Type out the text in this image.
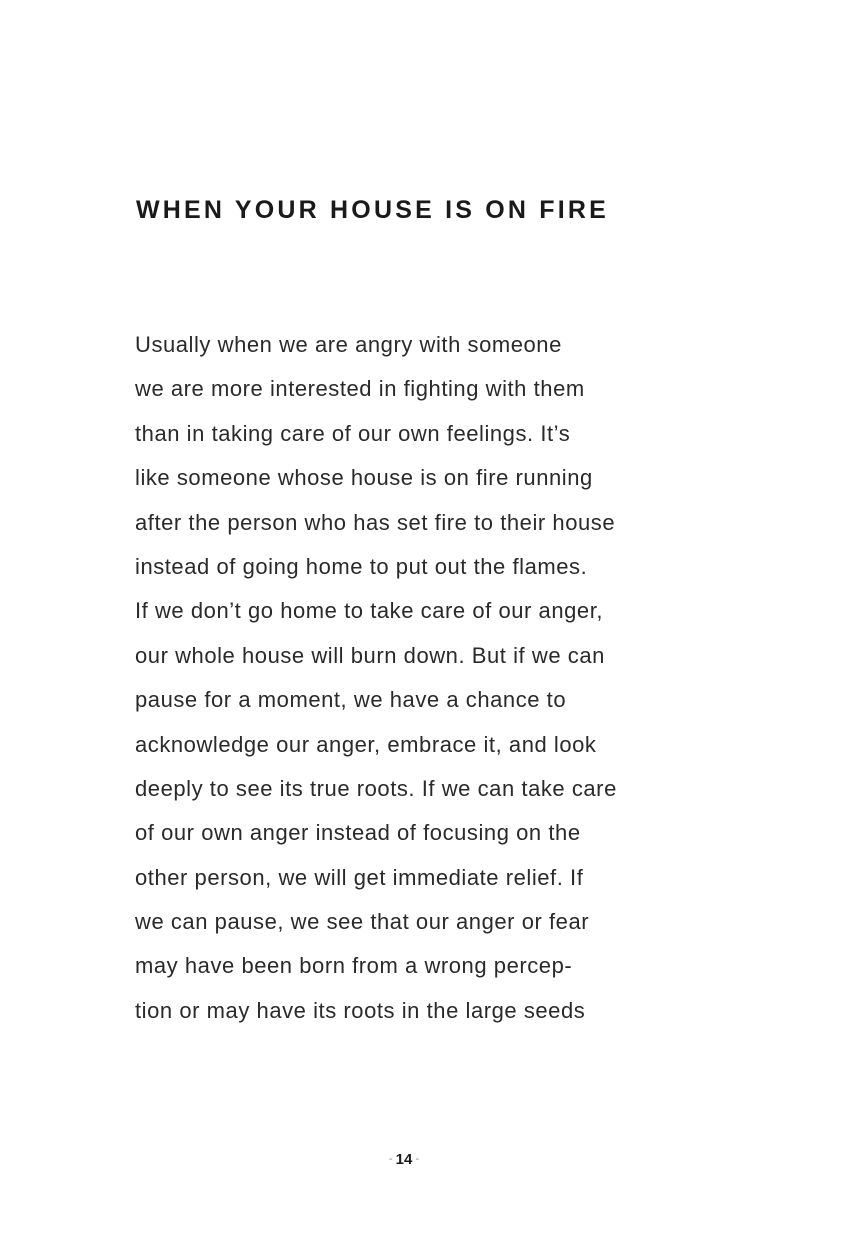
WHEN YOUR HOUSE IS ON FIRE
Usually when we are angry with someone
we are more interested in fighting with them
than in taking care of our own feelings. It’s
like someone whose house is on fire running
after the person who has set fire to their house
instead of going home to put out the flames.
If we don’t go home to take care of our anger,
our whole house will burn down. But if we can
pause for a moment, we have a chance to
acknowledge our anger, embrace it, and look
deeply to see its true roots. If we can take care
of our own anger instead of focusing on the
other person, we will get immediate relief. If
we can pause, we see that our anger or fear
may have been born from a wrong percep-
tion or may have its roots in the large seeds
- 14 -
